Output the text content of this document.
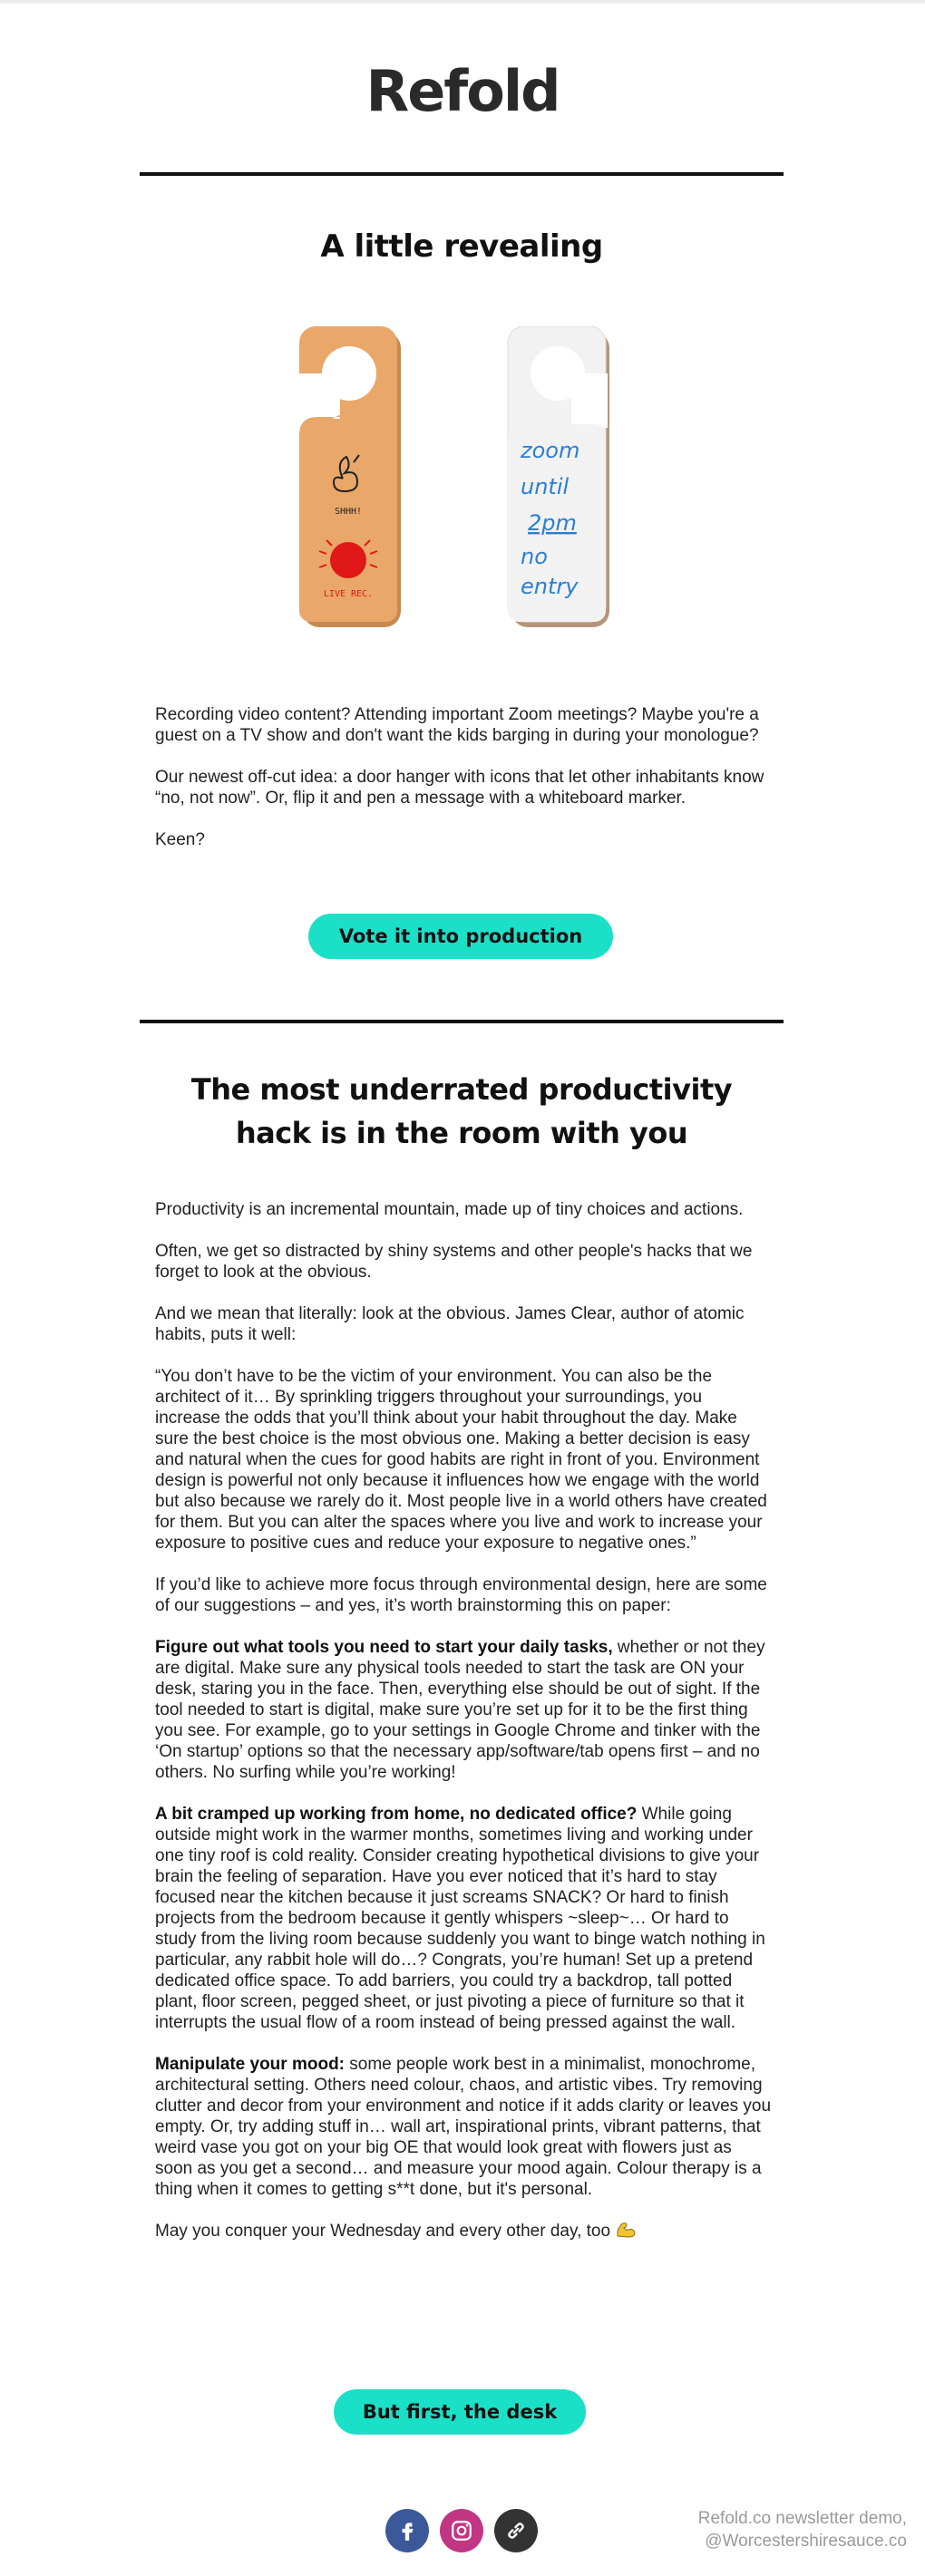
Refold
A little revealing
SHHH!
LIVE REC.
zoom
until
2pm
no
entry

Recording video content? Attending important Zoom meetings? Maybe you're a guest on a TV show and don't want the kids barging in during your monologue?

Our newest off-cut idea: a door hanger with icons that let other inhabitants know “no, not now”. Or, flip it and pen a message with a whiteboard marker.

Keen?

Vote it into production
The most underrated productivity
hack is in the room with you

Productivity is an incremental mountain, made up of tiny choices and actions.

Often, we get so distracted by shiny systems and other people's hacks that we forget to look at the obvious.

And we mean that literally: look at the obvious. James Clear, author of atomic habits, puts it well:

“You don’t have to be the victim of your environment. You can also be the architect of it… By sprinkling triggers throughout your surroundings, you increase the odds that you’ll think about your habit throughout the day. Make sure the best choice is the most obvious one. Making a better decision is easy and natural when the cues for good habits are right in front of you. Environment design is powerful not only because it influences how we engage with the world but also because we rarely do it. Most people live in a world others have created for them. But you can alter the spaces where you live and work to increase your exposure to positive cues and reduce your exposure to negative ones.”

If you’d like to achieve more focus through environmental design, here are some of our suggestions – and yes, it’s worth brainstorming this on paper:

Figure out what tools you need to start your daily tasks, whether or not they are digital. Make sure any physical tools needed to start the task are ON your desk, staring you in the face. Then, everything else should be out of sight. If the tool needed to start is digital, make sure you’re set up for it to be the first thing you see. For example, go to your settings in Google Chrome and tinker with the ‘On startup’ options so that the necessary app/software/tab opens first – and no others. No surfing while you’re working!

A bit cramped up working from home, no dedicated office? While going outside might work in the warmer months, sometimes living and working under one tiny roof is cold reality. Consider creating hypothetical divisions to give your brain the feeling of separation. Have you ever noticed that it’s hard to stay focused near the kitchen because it just screams SNACK? Or hard to finish projects from the bedroom because it gently whispers ~sleep~… Or hard to study from the living room because suddenly you want to binge watch nothing in particular, any rabbit hole will do…? Congrats, you’re human! Set up a pretend dedicated office space. To add barriers, you could try a backdrop, tall potted plant, floor screen, pegged sheet, or just pivoting a piece of furniture so that it interrupts the usual flow of a room instead of being pressed against the wall.

Manipulate your mood: some people work best in a minimalist, monochrome, architectural setting. Others need colour, chaos, and artistic vibes. Try removing clutter and decor from your environment and notice if it adds clarity or leaves you empty. Or, try adding stuff in… wall art, inspirational prints, vibrant patterns, that weird vase you got on your big OE that would look great with flowers just as soon as you get a second… and measure your mood again. Colour therapy is a thing when it comes to getting s**t done, but it's personal.

May you conquer your Wednesday and every other day, too

But first, the desk
Refold.co newsletter demo,
@Worcestershiresauce.co
